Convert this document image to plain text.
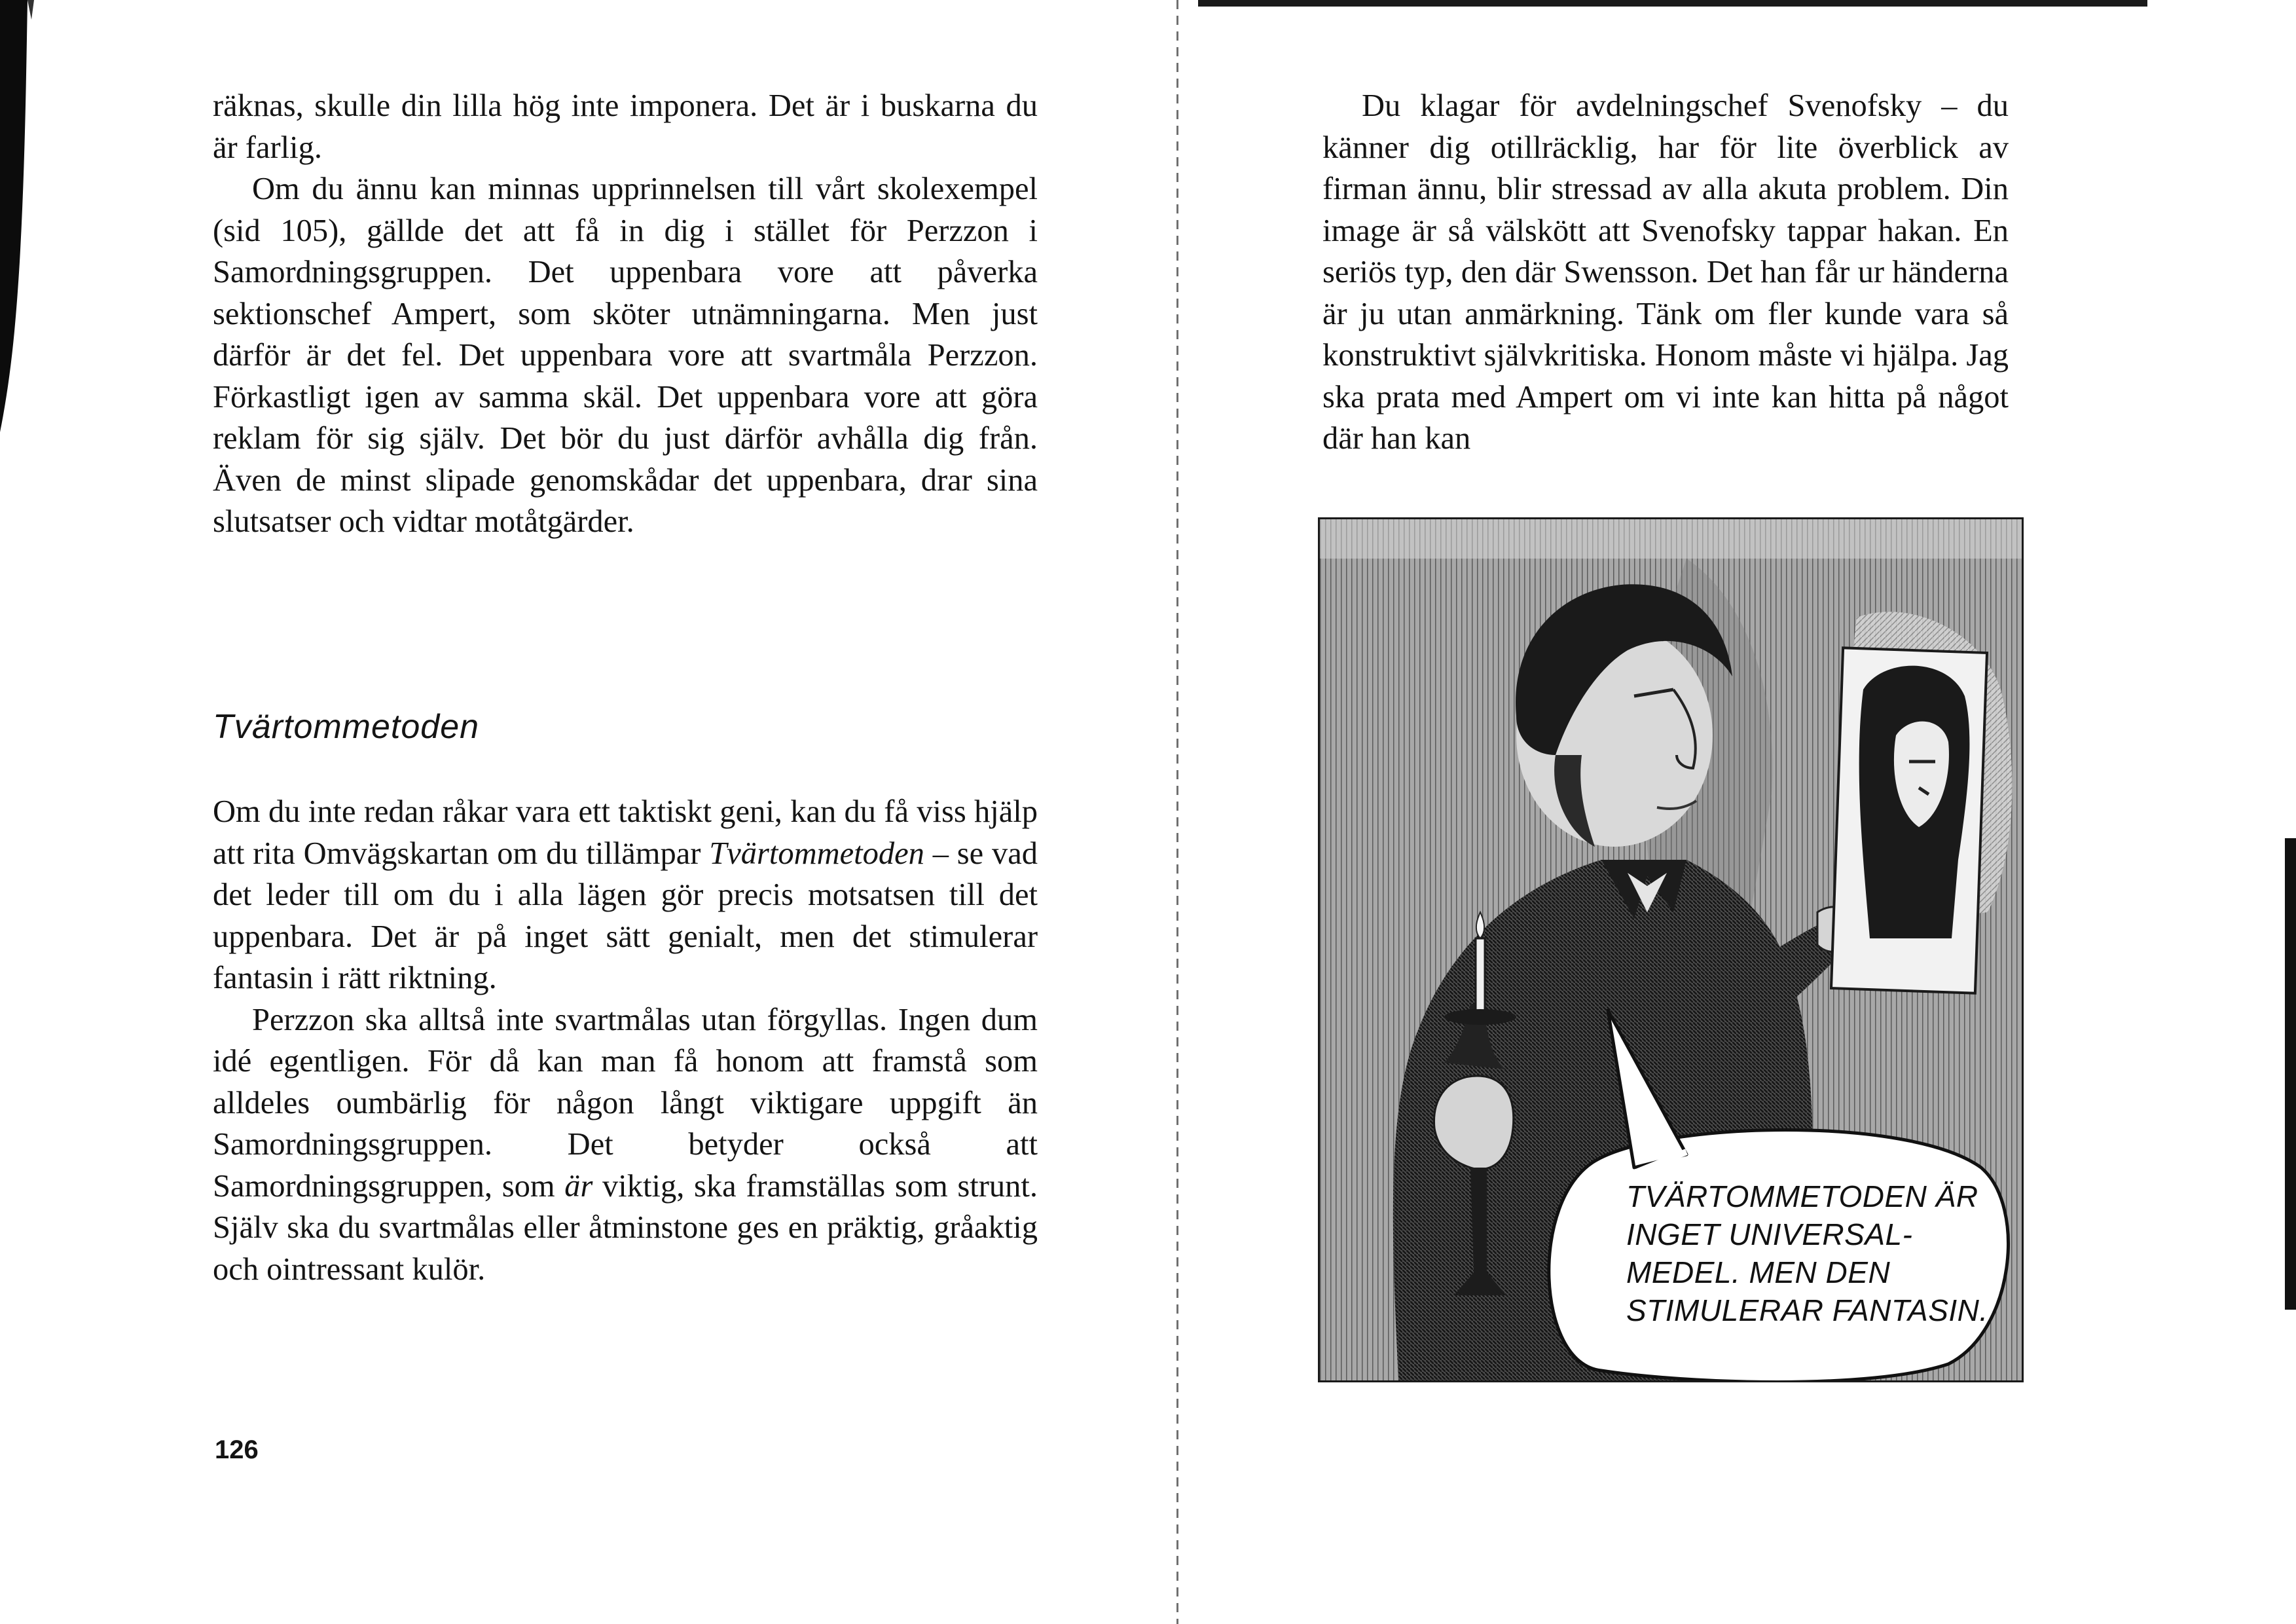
räknas, skulle din lilla hög inte imponera. Det är i buskarna du är farlig.

Om du ännu kan minnas upprinnelsen till vårt skolexempel (sid 105), gällde det att få in dig i stället för Perzzon i Samordningsgruppen. Det uppenbara vore att påverka sektionschef Ampert, som sköter utnämningarna. Men just därför är det fel. Det uppenbara vore att svartmåla Perzzon. Förkastligt igen av samma skäl. Det uppenbara vore att göra reklam för sig själv. Det bör du just därför avhålla dig från. Även de minst slipade genomskådar det uppenbara, drar sina slutsatser och vidtar motåtgärder.

Tvärtommetoden

Om du inte redan råkar vara ett taktiskt geni, kan du få viss hjälp att rita Omvägskartan om du tillämpar Tvärtommetoden – se vad det leder till om du i alla lägen gör precis motsatsen till det uppenbara. Det är på inget sätt genialt, men det stimulerar fantasin i rätt riktning.

Perzzon ska alltså inte svartmålas utan förgyllas. Ingen dum idé egentligen. För då kan man få honom att framstå som alldeles oumbärlig för någon långt viktigare uppgift än Samordningsgruppen. Det betyder också att Samordningsgruppen, som är viktig, ska framställas som strunt. Själv ska du svartmålas eller åtminstone ges en präktig, gråaktig och ointressant kulör.

126

Du klagar för avdelningschef Svenofsky – du känner dig otillräcklig, har för lite överblick av firman ännu, blir stressad av alla akuta problem. Din image är så välskött att Svenofsky tappar hakan. En seriös typ, den där Swensson. Det han får ur händerna är ju utan anmärkning. Tänk om fler kunde vara så konstruktivt självkritiska. Honom måste vi hjälpa. Jag ska prata med Ampert om vi inte kan hitta på något där han kan

TVÄRTOMMETODEN ÄR
INGET UNIVERSAL-
MEDEL. MEN DEN
STIMULERAR FANTASIN.
